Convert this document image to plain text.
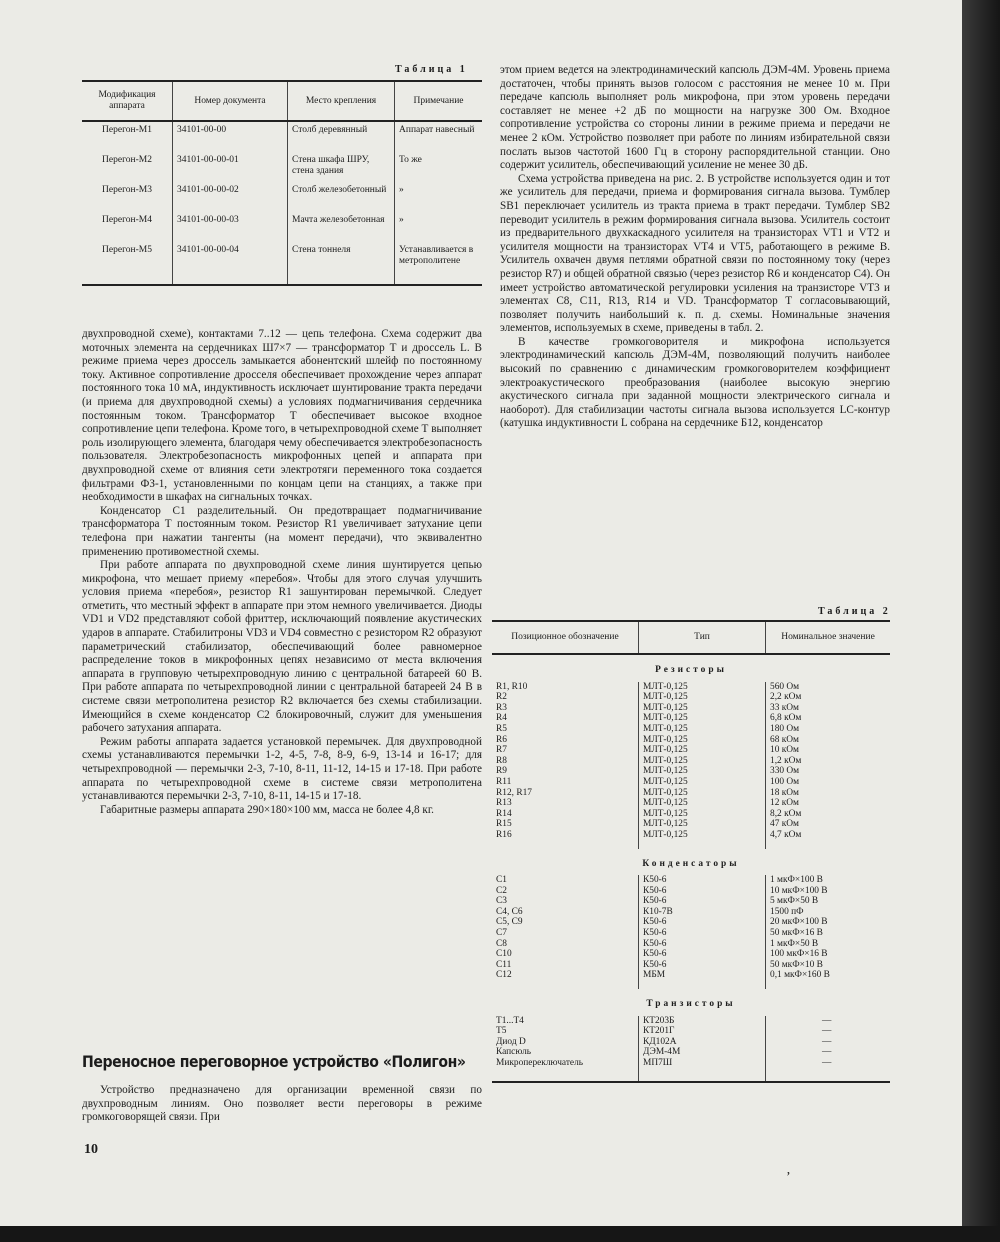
Таблица 1
Модификация аппарата	Номер документа	Место крепления	Примечание
Перегон-М1	34101-00-00	Столб деревянный	Аппарат навесный
Перегон-М2	34101-00-00-01	Стена шкафа ШРУ, стена здания	То же
Перегон-М3	34101-00-00-02	Столб железобетонный	»
Перегон-М4	34101-00-00-03	Мачта железобетонная	»
Перегон-М5	34101-00-00-04	Стена тоннеля	Устанавливается в метрополитене

двухпроводной схеме), контактами 7..12 — цепь телефона. Схема содержит два моточных элемента на сердечниках Ш7×7 — трансформатор Т и дроссель L. В режиме приема через дроссель замыкается абонентский шлейф по постоянному току. Активное сопротивление дросселя обеспечивает прохождение через аппарат постоянного тока 10 мА, индуктивность исключает шунтирование тракта передачи (и приема для двухпроводной схемы) а условиях подмагничивания сердечника постоянным током. Трансформатор Т обеспечивает высокое входное сопротивление цепи телефона. Кроме того, в четырехпроводной схеме Т выполняет роль изолирующего элемента, благодаря чему обеспечивается электробезопасность пользователя. Электробезопасность микрофонных цепей и аппарата при двухпроводной схеме от влияния сети электротяги переменного тока создается фильтрами ФЗ-1, установленными по концам цепи на станциях, а также при необходимости в шкафах на сигнальных точках.

Конденсатор С1 разделительный. Он предотвращает подмагничивание трансформатора Т постоянным током. Резистор R1 увеличивает затухание цепи телефона при нажатии тангенты (на момент передачи), что эквивалентно применению противоместной схемы.

При работе аппарата по двухпроводной схеме линия шунтируется цепью микрофона, что мешает приему «перебоя». Чтобы для этого случая улучшить условия приема «перебоя», резистор R1 зашунтирован перемычкой. Следует отметить, что местный эффект в аппарате при этом немного увеличивается. Диоды VD1 и VD2 представляют собой фриттер, исключающий появление акустических ударов в аппарате. Стабилитроны VD3 и VD4 совместно с резистором R2 образуют параметрический стабилизатор, обеспечивающий более равномерное распределение токов в микрофонных цепях независимо от места включения аппарата в групповую четырехпроводную линию с центральной батареей 60 В. При работе аппарата по четырехпроводной линии с центральной батареей 24 В в системе связи метрополитена резистор R2 включается без схемы стабилизации. Имеющийся в схеме конденсатор С2 блокировочный, служит для уменьшения рабочего затухания аппарата.

Режим работы аппарата задается установкой перемычек. Для двухпроводной схемы устанавливаются перемычки 1-2, 4-5, 7-8, 8-9, 6-9, 13-14 и 16-17; для четырехпроводной — перемычки 2-3, 7-10, 8-11, 11-12, 14-15 и 17-18. При работе аппарата по четырехпроводной схеме в системе связи метрополитена устанавливаются перемычки 2-3, 7-10, 8-11, 14-15 и 17-18.

Габаритные размеры аппарата 290×180×100 мм, масса не более 4,8 кг.

Переносное переговорное устройство «Полигон»

Устройство предназначено для организации временной связи по двухпроводным линиям. Оно позволяет вести переговоры в режиме громкоговорящей связи. При

этом прием ведется на электродинамический капсюль ДЭМ-4М. Уровень приема достаточен, чтобы принять вызов голосом с расстояния не менее 10 м. При передаче капсюль выполняет роль микрофона, при этом уровень передачи составляет не менее +2 дБ по мощности на нагрузке 300 Ом. Входное сопротивление устройства со стороны линии в режиме приема и передачи не менее 2 кОм. Устройство позволяет при работе по линиям избирательной связи послать вызов частотой 1600 Гц в сторону распорядительной станции. Оно содержит усилитель, обеспечивающий усиление не менее 30 дБ.

Схема устройства приведена на рис. 2. В устройстве используется один и тот же усилитель для передачи, приема и формирования сигнала вызова. Тумблер SB1 переключает усилитель из тракта приема в тракт передачи. Тумблер SB2 переводит усилитель в режим формирования сигнала вызова. Усилитель состоит из предварительного двухкаскадного усилителя на транзисторах VT1 и VT2 и усилителя мощности на транзисторах VT4 и VT5, работающего в режиме В. Усилитель охвачен двумя петлями обратной связи по постоянному току (через резистор R7) и общей обратной связью (через резистор R6 и конденсатор С4). Он имеет устройство автоматической регулировки усиления на транзисторе VT3 и элементах С8, С11, R13, R14 и VD. Трансформатор Т согласовывающий, позволяет получить наибольший к. п. д. схемы. Номинальные значения элементов, используемых в схеме, приведены в табл. 2.

В качестве громкоговорителя и микрофона используется электродинамический капсюль ДЭМ-4М, позволяющий получить наиболее высокий по сравнению с динамическим громкоговорителем коэффициент электроакустического преобразования (наиболее высокую энергию акустического сигнала при заданной мощности электрического сигнала и наоборот). Для стабилизации частоты сигнала вызова используется LC-контур (катушка индуктивности L собрана на сердечнике Б12, конденсатор

Таблица 2
Позиционное обозначение	Тип	Номинальное значение
Резисторы		
R1, R10	МЛТ-0,125	560 Ом
R2	МЛТ-0,125	2,2 кОм
R3	МЛТ-0,125	33 кОм
R4	МЛТ-0,125	6,8 кОм
R5	МЛТ-0,125	180 Ом
R6	МЛТ-0,125	68 кОм
R7	МЛТ-0,125	10 кОм
R8	МЛТ-0,125	1,2 кОм
R9	МЛТ-0,125	330 Ом
R11	МЛТ-0,125	100 Ом
R12, R17	МЛТ-0,125	18 кОм
R13	МЛТ-0,125	12 кОм
R14	МЛТ-0,125	8,2 кОм
R15	МЛТ-0,125	47 кОм
R16	МЛТ-0,125	4,7 кОм

Конденсаторы		
С1	К50-6	1 мкФ×100 В
С2	К50-6	10 мкФ×100 В
С3	К50-6	5 мкФ×50 В
С4, С6	К10-7В	1500 пФ
С5, С9	К50-6	20 мкФ×100 В
С7	К50-6	50 мкФ×16 В
С8	К50-6	1 мкФ×50 В
С10	К50-6	100 мкФ×16 В
С11	К50-6	50 мкФ×10 В
С12	МБМ	0,1 мкФ×160 В

Транзисторы		
Т1...Т4	КТ203Б	—
Т5	КТ201Г	—
Диод D	КД102А	—
Капсюль	ДЭМ-4М	—
Микропереключатель	МП7Ш	—

10
ʼ
